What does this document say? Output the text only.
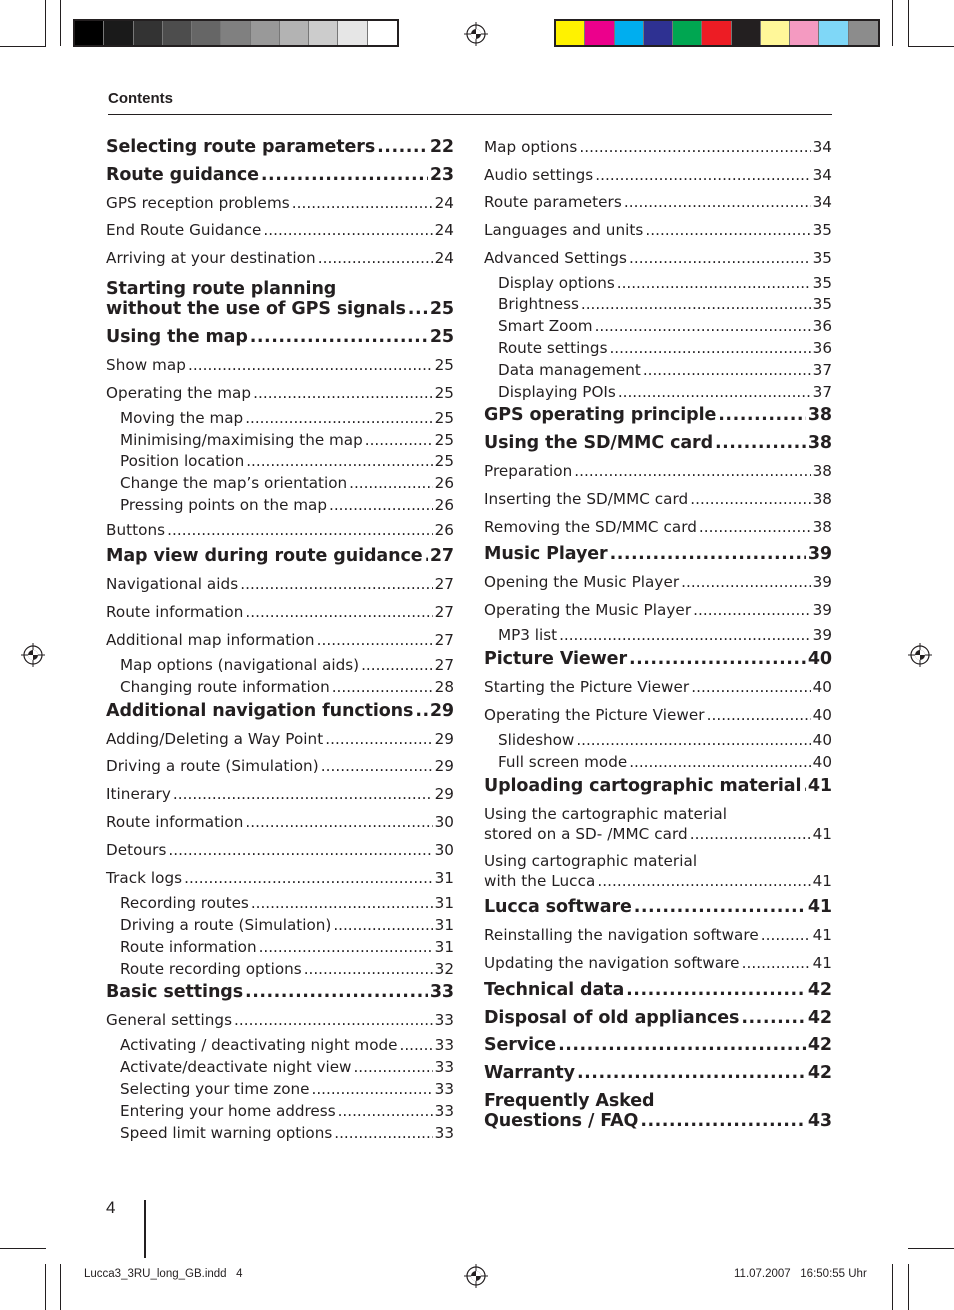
Contents
Selecting route parameters .....	22
Route guidance .....	23
GPS reception problems .....	24
End Route Guidance .....	24
Arriving at your destination .....	24
Starting route planning
without the use of GPS signals ..... 25
Using the map .....	25
Show map .....	25
Operating the map .....	25
Moving the map .....	25
Minimising/maximising the map .....	25
Position location .....	25
Change the map’s orientation .....	26
Pressing points on the map .....	26
Buttons .....	26
Map view during route guidance ..... 27
Navigational aids .....	27
Route information .....	27
Additional map information .....	27
Map options (navigational aids) .....	27
Changing route information .....	28
Additional navigation functions ..... 29
Adding/Deleting a Way Point .....	29
Driving a route (Simulation) .....	29
Itinerary .....	29
Route information .....	30
Detours .....	30
Track logs .....	31
Recording routes .....	31
Driving a route (Simulation) .....	31
Route information .....	31
Route recording options .....	32
Basic settings .....	33
General settings .....	33
Activating / deactivating night mode ..... 33
Activate/deactivate night view .....	33
Selecting your time zone .....	33
Entering your home address .....	33
Speed limit warning options .....	33
Map options .....	34
Audio settings .....	34
Route parameters .....	34
Languages and units .....	35
Advanced Settings .....	35
Display options .....	35
Brightness .....	35
Smart Zoom .....	36
Route settings .....	36
Data management .....	37
Displaying POIs .....	37
GPS operating principle .....	38
Using the SD/MMC card .....	38
Preparation .....	38
Inserting the SD/MMC card .....	38
Removing the SD/MMC card .....	38
Music Player .....	39
Opening the Music Player .....	39
Operating the Music Player .....	39
MP3 list .....	39
Picture Viewer .....	40
Starting the Picture Viewer .....	40
Operating the Picture Viewer .....	40
Slideshow .....	40
Full screen mode .....	40
Uploading cartographic material ..... 41
Using the cartographic material
stored on a SD- /MMC card .....	41
Using cartographic material
with the Lucca .....	41
Lucca software .....	41
Reinstalling the navigation software .....	41
Updating the navigation software .....	41
Technical data .....	42
Disposal of old appliances .....	42
Service .....	42
Warranty .....	42
Frequently Asked
Questions / FAQ .....	43
4
Lucca3_3RU_long_GB.indd   4	11.07.2007   16:50:55 Uhr
